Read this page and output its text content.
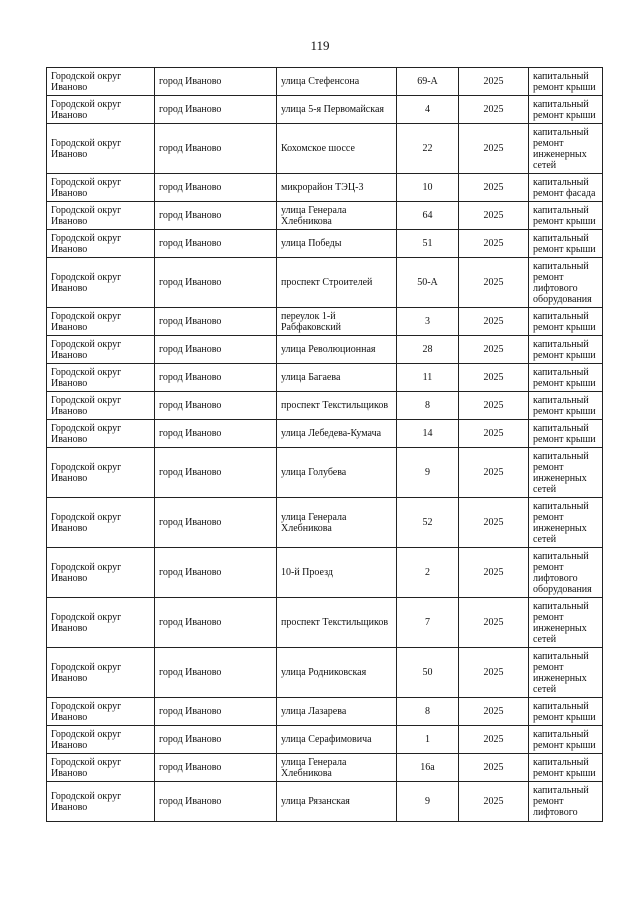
119
Городской округ Иваново	город Иваново	улица Стефенсона	69-А	2025	капитальный ремонт крыши
Городской округ Иваново	город Иваново	улица 5-я Первомайская	4	2025	капитальный ремонт крыши
Городской округ Иваново	город Иваново	Кохомское шоссе	22	2025	капитальный ремонт инженерных сетей
Городской округ Иваново	город Иваново	микрорайон ТЭЦ-3	10	2025	капитальный ремонт фасада
Городской округ Иваново	город Иваново	улица Генерала Хлебникова	64	2025	капитальный ремонт крыши
Городской округ Иваново	город Иваново	улица Победы	51	2025	капитальный ремонт крыши
Городской округ Иваново	город Иваново	проспект Строителей	50-А	2025	капитальный ремонт лифтового оборудования
Городской округ Иваново	город Иваново	переулок 1-й Рабфаковский	3	2025	капитальный ремонт крыши
Городской округ Иваново	город Иваново	улица Революционная	28	2025	капитальный ремонт крыши
Городской округ Иваново	город Иваново	улица Багаева	11	2025	капитальный ремонт крыши
Городской округ Иваново	город Иваново	проспект Текстильщиков	8	2025	капитальный ремонт крыши
Городской округ Иваново	город Иваново	улица Лебедева-Кумача	14	2025	капитальный ремонт крыши
Городской округ Иваново	город Иваново	улица Голубева	9	2025	капитальный ремонт инженерных сетей
Городской округ Иваново	город Иваново	улица Генерала Хлебникова	52	2025	капитальный ремонт инженерных сетей
Городской округ Иваново	город Иваново	10-й Проезд	2	2025	капитальный ремонт лифтового оборудования
Городской округ Иваново	город Иваново	проспект Текстильщиков	7	2025	капитальный ремонт инженерных сетей
Городской округ Иваново	город Иваново	улица Родниковская	50	2025	капитальный ремонт инженерных сетей
Городской округ Иваново	город Иваново	улица Лазарева	8	2025	капитальный ремонт крыши
Городской округ Иваново	город Иваново	улица Серафимовича	1	2025	капитальный ремонт крыши
Городской округ Иваново	город Иваново	улица Генерала Хлебникова	16а	2025	капитальный ремонт крыши
Городской округ Иваново	город Иваново	улица Рязанская	9	2025	капитальный ремонт лифтового
